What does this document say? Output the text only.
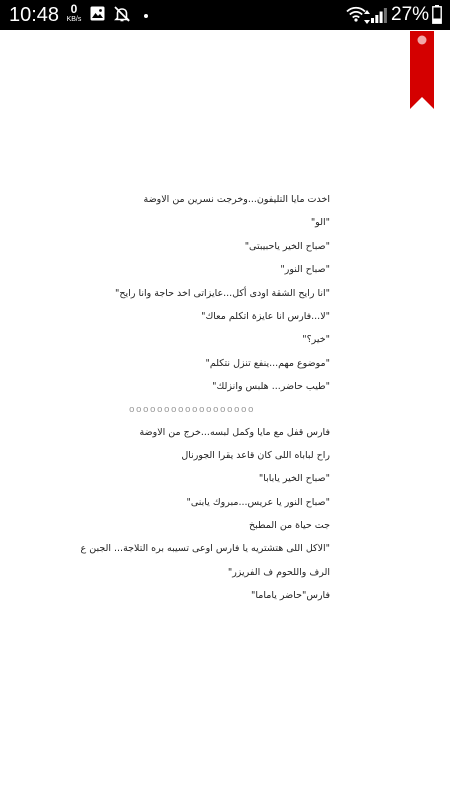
10:48 0
KB/s	27%
اخدت مايا التليفون...وخرجت نسرين من الاوضة
"الو"
"صباح الخير ياحبيبتى"
"صباح النور"
"انا رايح الشقة اودى أكل...عايزاتى اخد حاجة وانا رايح"
"لا...فارس انا عايزة اتكلم معاك"
"خير؟"
"موضوع مهم...ينفع تنزل نتكلم"
"طيب حاضر... هلبس وانزلك"
oooooooooooooooooo
فارس قفل مع مايا وكمل لبسه...خرج من الاوضة
راح لباباه اللى كان قاعد يقرا الجورنال
"صباح الخير يابابا"
"صباح النور يا عريس...مبروك يابنى"
جت حياة من المطبخ
"الاكل اللى هتشتريه يا فارس اوعى تسيبه بره التلاجة... الجبن ع
الرف واللحوم ف الفريزر"
فارس"حاضر ياماما"
